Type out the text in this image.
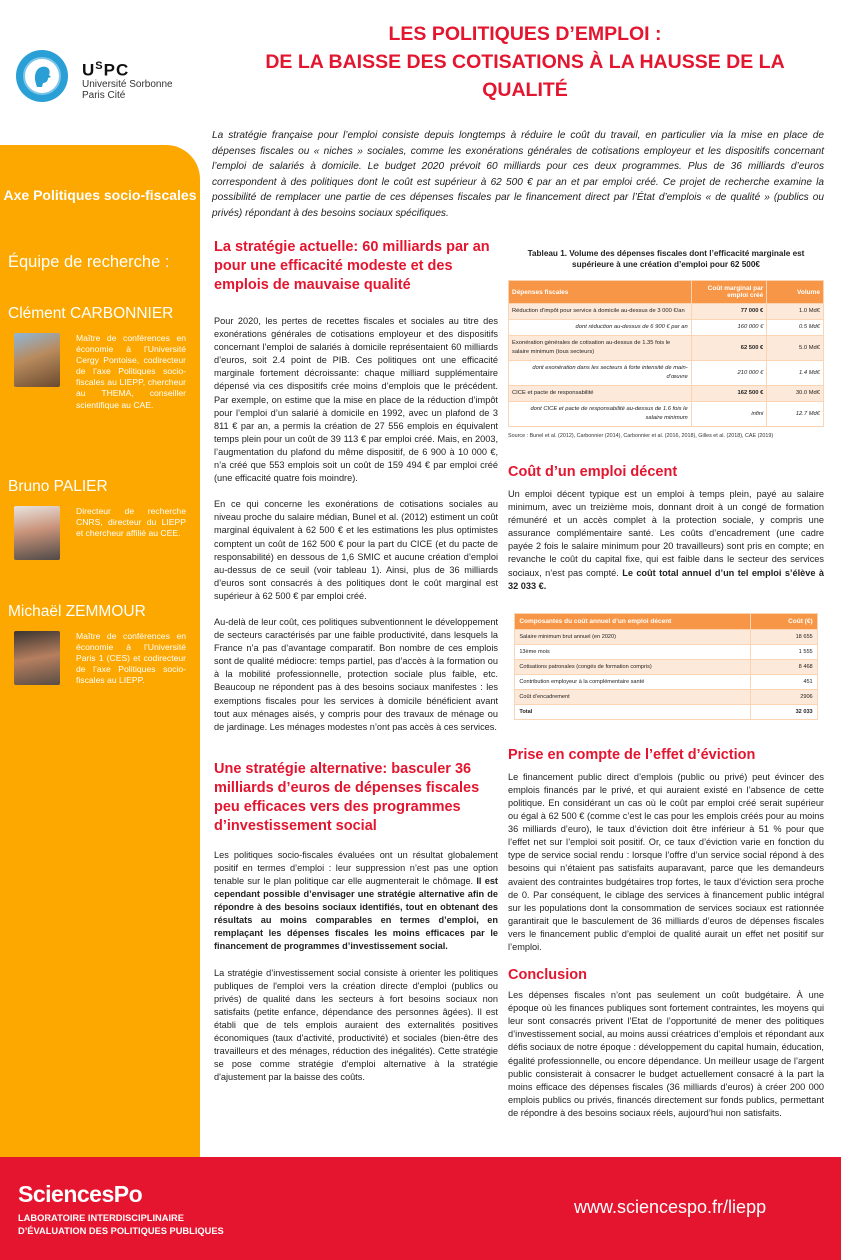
$U^SPC$
Université Sorbonne
Paris Cité
LES POLITIQUES D’EMPLOI :
DE LA BAISSE DES COTISATIONS À LA HAUSSE DE LA
QUALITÉ
La stratégie française pour l’emploi consiste depuis longtemps à réduire le coût du travail, en particulier via la mise en place de dépenses fiscales ou « niches » sociales, comme les exonérations générales de cotisations employeur et les dispositifs concernant l’emploi de salariés à domicile. Le budget 2020 prévoit 60 milliards pour ces deux programmes. Plus de 36 milliards d’euros correspondent à des politiques dont le coût est supérieur à 62 500 € par an et par emploi créé. Ce projet de recherche examine la possibilité de remplacer une partie de ces dépenses fiscales par le financement direct par l’État d’emplois « de qualité » (publics ou privés) répondant à des besoins sociaux spécifiques.
Axe Politiques socio-fiscales
Équipe de recherche :
Clément CARBONNIER
Maître de conférences en économie à l’Université Cergy Pontoise, codirecteur de l’axe Politiques socio-fiscales au LIEPP, chercheur au THEMA, conseiller scientifique au CAE.
Bruno PALIER
Directeur de recherche CNRS, directeur du LIEPP et chercheur affilié au CEE.
Michaël ZEMMOUR
Maître de conférences en économie à l’Université Paris 1 (CES) et codirecteur de l’axe Politiques socio-fiscales au LIEPP.
La stratégie actuelle: 60 milliards par an pour une efficacité modeste et des emplois de mauvaise qualité

Pour 2020, les pertes de recettes fiscales et sociales au titre des exonérations générales de cotisations employeur et des dispositifs concernant l’emploi de salariés à domicile représentaient 60 milliards d’euros, soit 2.4 point de PIB. Ces politiques ont une efficacité marginale fortement décroissante: chaque milliard supplémentaire dépensé via ces dispositifs crée moins d’emplois que le précédent. Par exemple, on estime que la mise en place de la réduction d’impôt pour l’emploi d’un salarié à domicile en 1992, avec un plafond de 3 811 € par an, a permis la création de 27 556 emplois en équivalent temps plein pour un coût de 39 113 € par emploi créé. Mais, en 2003, l’augmentation du plafond du même dispositif, de 6 900 à 10 000 €, n’a créé que 553 emplois soit un coût de 159 494 € par emploi créé (une efficacité quatre fois moindre).

En ce qui concerne les exonérations de cotisations sociales au niveau proche du salaire médian, Bunel et al. (2012) estiment un coût marginal équivalent à 62 500 € et les estimations les plus optimistes comptent un coût de 162 500 € pour la part du CICE (et du pacte de responsabilité) en dessous de 1,6 SMIC et aucune création d’emploi au-dessus de ce seuil (voir tableau 1). Ainsi, plus de 36 milliards d’euros sont consacrés à des politiques dont le coût marginal est supérieur à 62 500 € par emploi créé.

Au-delà de leur coût, ces politiques subventionnent le développement de secteurs caractérisés par une faible productivité, dans lesquels la France n’a pas d’avantage comparatif. Bon nombre de ces emplois sont de qualité médiocre: temps partiel, pas d’accès à la formation ou à la mobilité professionnelle, protection sociale plus faible, etc. Beaucoup ne répondent pas à des besoins sociaux manifestes : les exemptions fiscales pour les services à domicile bénéficient avant tout aux ménages aisés, y compris pour des travaux de ménage ou de jardinage. Les ménages modestes n’ont pas accès à ces services.

Une stratégie alternative: basculer 36 milliards d’euros de dépenses fiscales peu efficaces vers des programmes d’investissement social

Les politiques socio-fiscales évaluées ont un résultat globalement positif en termes d’emploi : leur suppression n’est pas une option tenable sur le plan politique car elle augmenterait le chômage. Il est cependant possible d’envisager une stratégie alternative afin de répondre à des besoins sociaux identifiés, tout en obtenant des résultats au moins comparables en termes d’emploi, en remplaçant les dépenses fiscales les moins efficaces par le financement de programmes d’investissement social.

La stratégie d’investissement social consiste à orienter les politiques publiques de l'emploi vers la création directe d'emploi (publics ou privés) de qualité dans les secteurs à fort besoins sociaux non satisfaits (petite enfance, dépendance des personnes âgées). Il est établi que de tels emplois auraient des externalités positives économiques (taux d'activité, productivité) et sociales (bien-être des travailleurs et des ménages, réduction des inégalités). Cette stratégie se pose comme stratégie d'emploi alternative à la stratégie d'ajustement par la baisse des coûts.

Tableau 1. Volume des dépenses fiscales dont l’efficacité marginale est supérieure à une création d’emploi pour 62 500€
Dépenses fiscales	Coût marginal par emploi créé	Volume
Réduction d’impôt pour service à domicile au-dessus de 3 000 €/an	77 000 €	1.0 Md€
dont réduction au-dessus de 6 900 € par an	160 000 €	0.5 Md€
Exonération générales de cotisation au-dessus de 1.35 fois le salaire minimum (tous secteurs)	62 500 €	5.0 Md€
dont exonération dans les secteurs à forte intensité de main-d’œuvre	210 000 €	1.4 Md€
CICE et pacte de responsabilité	162 500 €	30.0 Md€
dont CICE et pacte de responsabilité au-dessus de 1.6 fois le salaire minimum	infini	12.7 Md€
Source : Bunel et al. (2012), Carbonnier (2014), Carbonnier et al. (2016, 2018), Gilles et al. (2018), CAE (2019)
Coût d’un emploi décent

Un emploi décent typique est un emploi à temps plein, payé au salaire minimum, avec un treizième mois, donnant droit à un congé de formation rémunéré et un accès complet à la protection sociale, y compris une assurance complémentaire santé. Les coûts d’encadrement (une cadre payée 2 fois le salaire minimum pour 20 travailleurs) sont pris en compte; en revanche le coût du capital fixe, qui est faible dans le secteur des services sociaux, n’est pas compté. Le coût total annuel d’un tel emploi s’élève à 32 033 €.

Composantes du coût annuel d’un emploi décent	Coût (€)
Salaire minimum brut annuel (en 2020)	18 655
13ème mois	1 555
Cotisations patronales (congés de formation compris)	8 468
Contribution employeur à la complémentaire santé	451
Coût d’encadrement	2906
Total	32 033
Prise en compte de l’effet d’éviction

Le financement public direct d’emplois (public ou privé) peut évincer des emplois financés par le privé, et qui auraient existé en l’absence de cette politique. En considérant un cas où le coût par emploi créé serait supérieur ou égal à 62 500 € (comme c’est le cas pour les emplois créés pour au moins 36 milliards d’euro), le taux d’éviction doit être inférieur à 51 % pour que l’effet net sur l’emploi soit positif. Or, ce taux d’éviction varie en fonction du type de service social rendu : lorsque l’offre d’un service social répond à des besoins qui n’étaient pas satisfaits auparavant, parce que les demandeurs avaient des contraintes budgétaires trop fortes, le taux d’éviction sera proche de 0. Par conséquent, le ciblage des services à financement public intégral sur les populations dont la consommation de services sociaux est rationnée garantirait que le basculement de 36 milliards d’euros de dépenses fiscales vers le financement public d’emploi de qualité aurait un effet net positif sur l’emploi.

Conclusion

Les dépenses fiscales n’ont pas seulement un coût budgétaire. À une époque où les finances publiques sont fortement contraintes, les moyens qui leur sont consacrés privent l’Etat de l’opportunité de mener des politiques d’investissement social, au moins aussi créatrices d’emplois et répondant aux défis sociaux de notre époque : développement du capital humain, éducation, égalité professionnelle, ou encore dépendance. Un meilleur usage de l’argent public consisterait à consacrer le budget actuellement consacré à la part la moins efficace des dépenses fiscales (36 milliards d’euros) à créer 200 000 emplois publics ou privés, financés directement sur fonds publics, permettant de répondre à des besoins sociaux réels, aujourd’hui non satisfaits.

SciencesPo
LABORATOIRE INTERDISCIPLINAIRE
D’ÉVALUATION DES POLITIQUES PUBLIQUES
www.sciencespo.fr/liepp
